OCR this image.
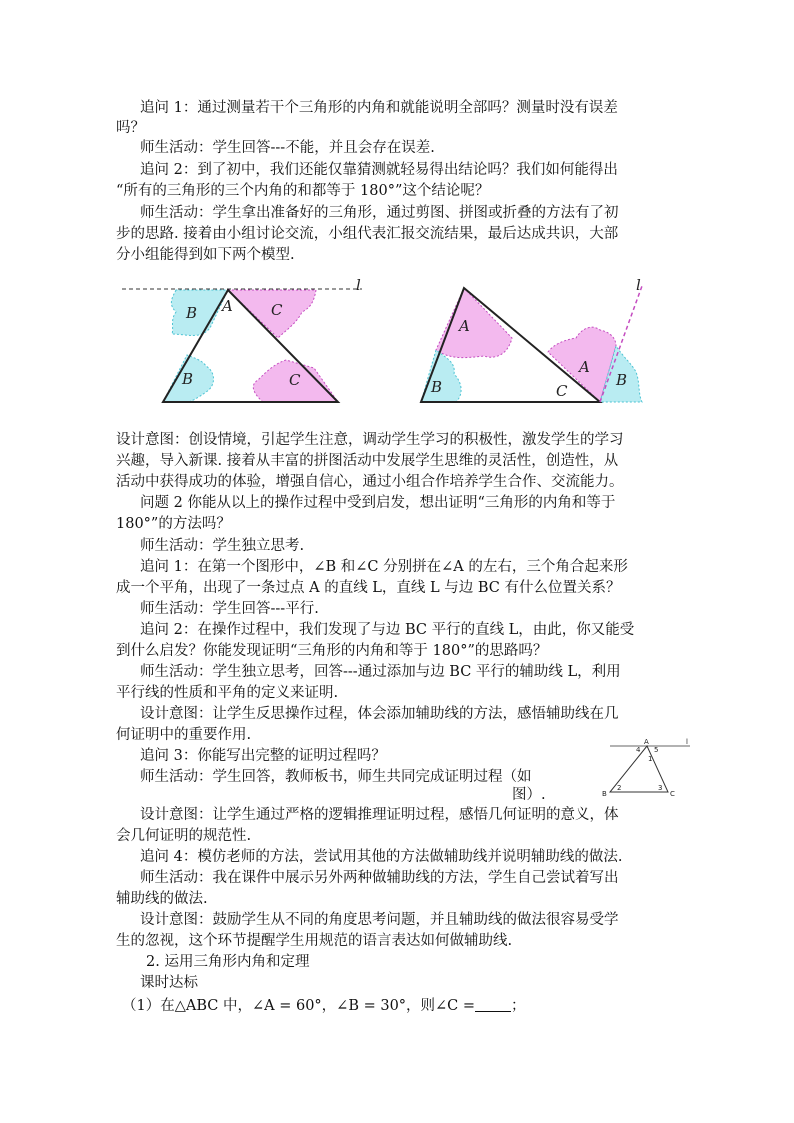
追问 1：通过测量若干个三角形的内角和就能说明全部吗？测量时没有误差
吗？
师生活动：学生回答---不能，并且会存在误差.
追问 2：到了初中，我们还能仅靠猜测就轻易得出结论吗？我们如何能得出
“所有的三角形的三个内角的和都等于 180°”这个结论呢？
师生活动：学生拿出准备好的三角形，通过剪图、拼图或折叠的方法有了初
步的思路. 接着由小组讨论交流，小组代表汇报交流结果，最后达成共识，大部
分小组能得到如下两个模型.
l
B A	C
B	C
l
A
B	C
A
B
设计意图：创设情境，引起学生注意，调动学生学习的积极性，激发学生的学习
兴趣，导入新课. 接着从丰富的拼图活动中发展学生思维的灵活性，创造性，从
活动中获得成功的体验，增强自信心，通过小组合作培养学生合作、交流能力。
问题 2 你能从以上的操作过程中受到启发，想出证明“三角形的内角和等于
180°”的方法吗？
师生活动：学生独立思考.
追问 1：在第一个图形中，∠B 和∠C 分别拼在∠A 的左右，三个角合起来形
成一个平角，出现了一条过点 A 的直线 L，直线 L 与边 BC 有什么位置关系？
师生活动：学生回答---平行.
追问 2：在操作过程中，我们发现了与边 BC 平行的直线 L，由此，你又能受
到什么启发？你能发现证明“三角形的内角和等于 180°”的思路吗？
师生活动：学生独立思考，回答---通过添加与边 BC 平行的辅助线 L，利用
平行线的性质和平角的定义来证明.
设计意图：让学生反思操作过程，体会添加辅助线的方法，感悟辅助线在几
何证明中的重要作用.
追问 3：你能写出完整的证明过程吗？
师生活动：学生回答，教师板书，师生共同完成证明过程（如
A	l
4
1
5
2	3
B	C
图）.
设计意图：让学生通过严格的逻辑推理证明过程，感悟几何证明的意义，体
会几何证明的规范性.
追问 4：模仿老师的方法，尝试用其他的方法做辅助线并说明辅助线的做法.
师生活动：我在课件中展示另外两种做辅助线的方法，学生自己尝试着写出
辅助线的做法.
设计意图：鼓励学生从不同的角度思考问题，并且辅助线的做法很容易受学
生的忽视，这个环节提醒学生用规范的语言表达如何做辅助线.
2. 运用三角形内角和定理
课时达标
（1）在△ABC 中，∠A = 60°，∠B = 30°，则∠C = ；
